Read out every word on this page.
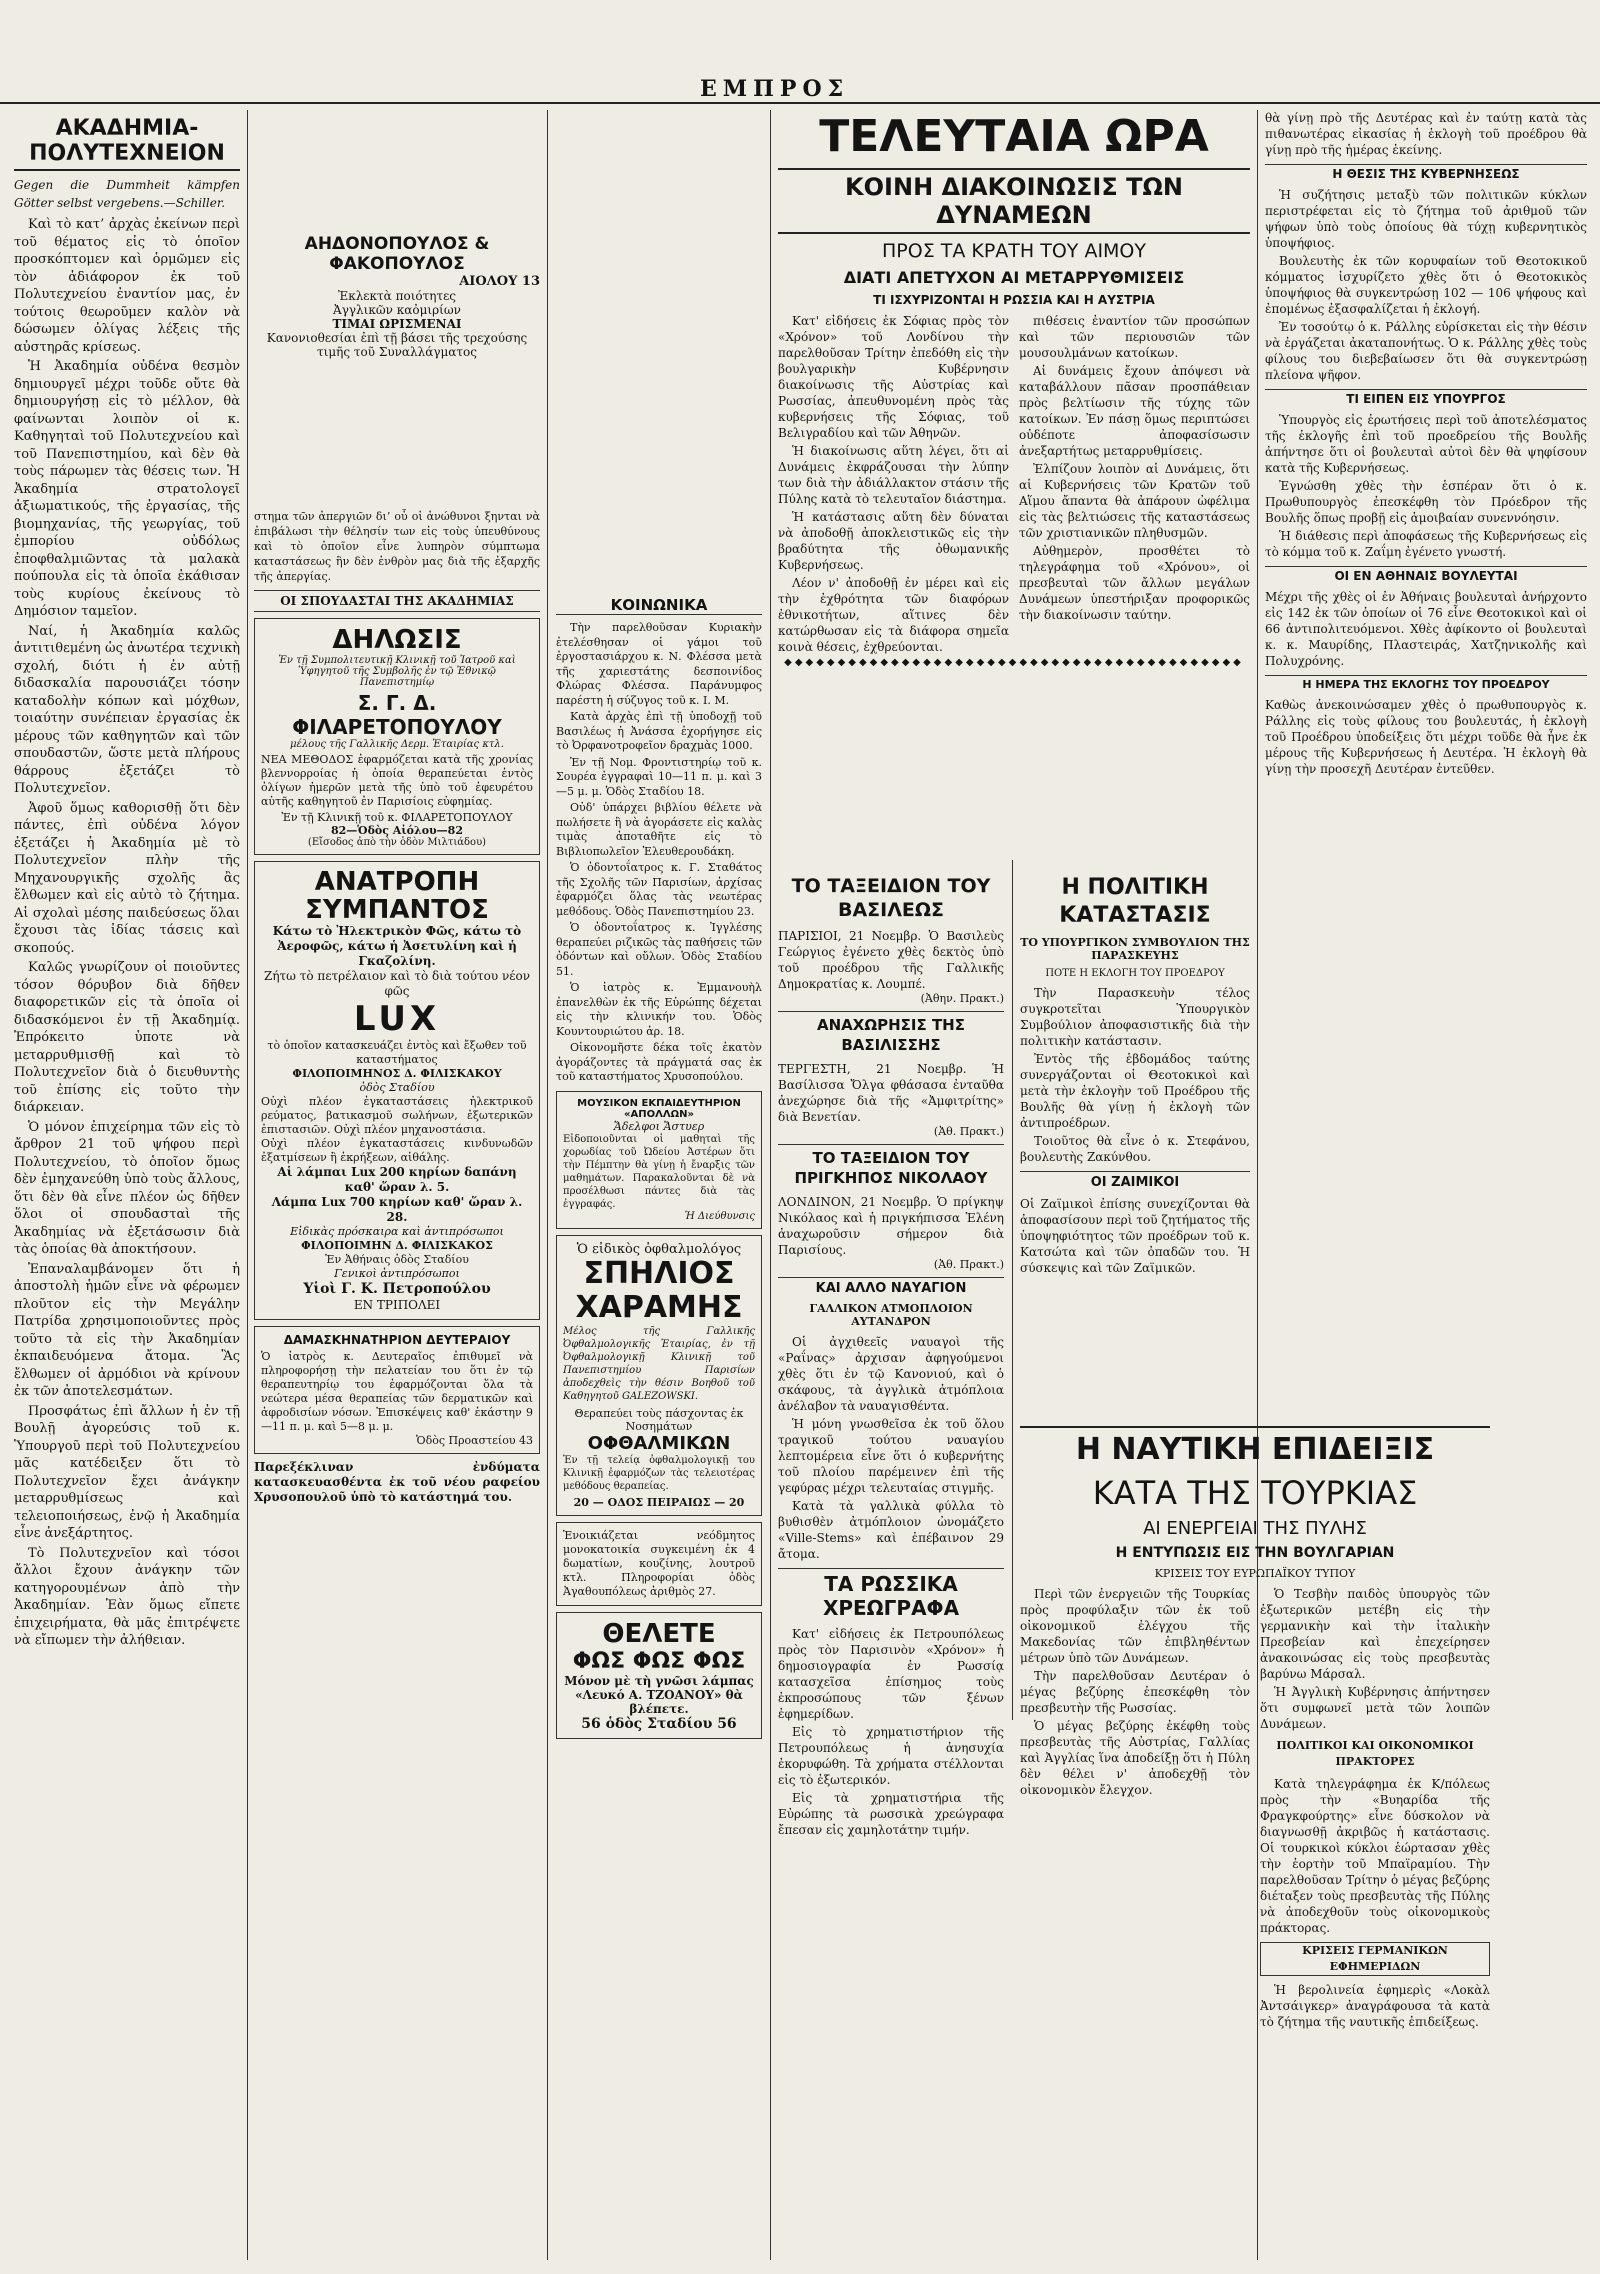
ΕΜΠΡΟΣ
ΑΚΑΔΗΜΙΑ-ΠΟΛΥΤΕΧΝΕΙΟΝ
Gegen die Dummheit kämpfen Götter selbst vergebens.—Schiller.

Καὶ τὸ κατ’ ἀρχὰς ἐκείνων περὶ τοῦ θέματος εἰς τὸ ὁποῖον προσκόπτομεν καὶ ὁρμῶμεν εἰς τὸν ἀδιάφορον ἐκ τοῦ Πολυτεχνείου ἐναντίον μας, ἐν τούτοις θεωροῦμεν καλὸν νὰ δώσωμεν ὀλίγας λέξεις τῆς αὐστηρᾶς κρίσεως.

Ἡ Ἀκαδημία οὐδένα θεσμὸν δημιουργεῖ μέχρι τοῦδε οὔτε θὰ δημιουργήσῃ εἰς τὸ μέλλον, θὰ φαίνωνται λοιπὸν οἱ κ. Καθηγηταὶ τοῦ Πολυτεχνείου καὶ τοῦ Πανεπιστημίου, καὶ δὲν θὰ τοὺς πάρωμεν τὰς θέσεις των. Ἡ Ἀκαδημία στρατολογεῖ ἀξιωματικούς, τῆς ἐργασίας, τῆς βιομηχανίας, τῆς γεωργίας, τοῦ ἐμπορίου οὐδόλως ἐποφθαλμιῶντας τὰ μαλακὰ πούπουλα εἰς τὰ ὁποῖα ἐκάθισαν τοὺς κυρίους ἐκείνους τὸ Δημόσιον ταμεῖον.

Ναί, ἡ Ἀκαδημία καλῶς ἀντιτιθεμένη ὡς ἀνωτέρα τεχνικὴ σχολή, διότι ἡ ἐν αὐτῇ διδασκαλία παρουσιάζει τόσην καταδολὴν κόπων καὶ μόχθων, τοιαύτην συνέπειαν ἐργασίας ἐκ μέρους τῶν καθηγητῶν καὶ τῶν σπουδαστῶν, ὥστε μετὰ πλήρους θάρρους ἐξετάζει τὸ Πολυτεχνεῖον.

Ἀφοῦ ὅμως καθορισθῇ ὅτι δὲν πάντες, ἐπὶ οὐδένα λόγον ἐξετάζει ἡ Ἀκαδημία μὲ τὸ Πολυτεχνεῖον πλὴν τῆς Μηχανουργικῆς σχολῆς ἂς ἔλθωμεν καὶ εἰς αὐτὸ τὸ ζήτημα. Αἱ σχολαὶ μέσης παιδεύσεως ὅλαι ἔχουσι τὰς ἰδίας τάσεις καὶ σκοπούς.

Καλῶς γνωρίζουν οἱ ποιοῦντες τόσον θόρυβον διὰ δῆθεν διαφορετικῶν εἰς τὰ ὁποῖα οἱ διδασκόμενοι ἐν τῇ Ἀκαδημίᾳ. Ἐπρόκειτο ὑποτε νὰ μεταρρυθμισθῇ καὶ τὸ Πολυτεχνεῖον διὰ ὁ διευθυντὴς τοῦ ἐπίσης εἰς τοῦτο τὴν διάρκειαν.

Ὁ μόνον ἐπιχείρημα τῶν εἰς τὸ ἄρθρον 21 τοῦ ψήφου περὶ Πολυτεχνείου, τὸ ὁποῖον ὅμως δὲν ἐμηχανεύθη ὑπὸ τοὺς ἄλλους, ὅτι δὲν θὰ εἶνε πλέον ὡς δῆθεν ὅλοι οἱ σπουδασταὶ τῆς Ἀκαδημίας νὰ ἐξετάσωσιν διὰ τὰς ὁποίας θὰ ἀποκτήσουν.

Ἐπαναλαμβάνομεν ὅτι ἡ ἀποστολὴ ἡμῶν εἶνε νὰ φέρωμεν πλοῦτον εἰς τὴν Μεγάλην Πατρίδα χρησιμοποιοῦντες πρὸς τοῦτο τὰ εἰς τὴν Ἀκαδημίαν ἐκπαιδευόμενα ἄτομα. Ἂς ἔλθωμεν οἱ ἀρμόδιοι νὰ κρίνουν ἐκ τῶν ἀποτελεσμάτων.

Προσφάτως ἐπὶ ἄλλων ἡ ἐν τῇ Βουλῇ ἀγορεύσις τοῦ κ. Ὑπουργοῦ περὶ τοῦ Πολυτεχνείου μᾶς κατέδειξεν ὅτι τὸ Πολυτεχνεῖον ἔχει ἀνάγκην μεταρρυθμίσεως καὶ τελειοποιήσεως, ἐνῷ ἡ Ἀκαδημία εἶνε ἀνεξάρτητος.

Τὸ Πολυτεχνεῖον καὶ τόσοι ἄλλοι ἔχουν ἀνάγκην τῶν κατηγορουμένων ἀπὸ τὴν Ἀκαδημίαν. Ἐὰν ὅμως εἴπετε ἐπιχειρήματα, θὰ μᾶς ἐπιτρέψετε νὰ εἴπωμεν τὴν ἀλήθειαν.

ΑΗΔΟΝΟΠΟΥΛΟΣ & ΦΑΚΟΠΟΥΛΟΣ
ΑΙΟΛΟΥ 13
Ἐκλεκτὰ ποιότητες
Ἀγγλικῶν καὀμιρίων
ΤΙΜΑΙ ΩΡΙΣΜΕΝΑΙ
Κανονιοθεσίαι ἐπὶ τῇ βάσει τῆς τρεχούσης
τιμῆς τοῦ Συναλλάγματος
στημα τῶν ἀπεργιῶν δι’ οὗ οἱ ἀνώθυνοι ξηνται νὰ ἐπιβάλωσι τὴν θέλησίν των εἰς τοὺς ὑπευθύνους καὶ τὸ ὁποῖον εἶνε λυπηρὸν σύμπτωμα καταστάσεως ἣν δὲν ἐνθρὸν μας διὰ τῆς ἐξαρχῆς τῆς ἀπεργίας.
ΟΙ ΣΠΟΥΔΑΣΤΑΙ ΤΗΣ ΑΚΑΔΗΜΙΑΣ
ΔΗΛΩΣΙΣ
Ἐν τῇ Συμπολιτευτικῇ Κλινικῇ τοῦ Ἰατροῦ καὶ Ὑφηγητοῦ τῆς Συμβολῆς ἐν τῷ Ἐθνικῷ Πανεπιστημίῳ
Σ. Γ. Δ. ΦΙΛΑΡΕΤΟΠΟΥΛΟΥ
μέλους τῆς Γαλλικῆς Δερμ. Ἑταιρίας κτλ.
ΝΕΑ ΜΕΘΟΔΟΣ ἐφαρμόζεται κατὰ τῆς χρονίας βλεννορροίας ἡ ὁποία θεραπεύεται ἐντὸς ὀλίγων ἡμερῶν μετὰ τῆς ὑπὸ τοῦ ἐφευρέτου αὐτῆς καθηγητοῦ ἐν Παρισίοις εὐφημίας.
Ἐν τῇ Κλινικῇ τοῦ κ. ΦΙΛΑΡΕΤΟΠΟΥΛΟΥ
82—Ὁδὸς Αἰόλου—82
(Εἴσοδος ἀπὸ τὴν ὁδὸν Μιλτιάδου)
ΑΝΑΤΡΟΠΗ ΣΥΜΠΑΝΤΟΣ
Κάτω τὸ Ἠλεκτρικὸν Φῶς, κάτω τὸ Ἀεροφῶς, κάτω ἡ Ἀσετυλίνη καὶ ἡ Γκαζολίνη.
Ζήτω τὸ πετρέλαιον καὶ τὸ διὰ τούτου νέον φῶς
LUX
τὸ ὁποῖον κατασκευάζει ἐντὸς καὶ ἔξωθεν τοῦ καταστήματος
ΦΙΛΟΠΟΙΜΗΝΟΣ Δ. ΦΙΛΙΣΚΑΚΟΥ
ὁδὸς Σταδίου
Οὐχὶ πλέον ἐγκαταστάσεις ἠλεκτρικοῦ ρεύματος, βατικασμοῦ σωλήνων, ἐξωτερικῶν ἐπιστασιῶν. Οὐχὶ πλέον μηχανοστάσια.
Οὐχὶ πλέον ἐγκαταστάσεις κινδυνωδῶν ἐξατμίσεων ἢ ἐκρήξεων, αἰθάλης.
Αἱ λάμπαι Lux 200 κηρίων δαπάνη καθ' ὥραν λ. 5.
Λάμπα Lux 700 κηρίων καθ' ὥραν λ. 28.
Εἰδικὰς πρόσκαιρα καὶ ἀντιπρόσωποι
ΦΙΛΟΠΟΙΜΗΝ Δ. ΦΙΛΙΣΚΑΚΟΣ
Ἐν Ἀθήναις ὁδὸς Σταδίου
Γενικοὶ ἀντιπρόσωποι
Υἱοὶ Γ. Κ. Πετροπούλου
ΕΝ ΤΡΙΠΟΛΕΙ
ΔΑΜΑΣΚΗΝΑΤΗΡΙΟΝ ΔΕΥΤΕΡΑΙΟΥ
Ὁ ἰατρὸς κ. Δευτεραῖος ἐπιθυμεῖ νὰ πληροφορήσῃ τὴν πελατείαν του ὅτι ἐν τῷ θεραπευτηρίῳ του ἐφαρμόζονται ὅλα τὰ νεώτερα μέσα θεραπείας τῶν δερματικῶν καὶ ἀφροδισίων νόσων. Ἐπισκέψεις καθ' ἑκάστην 9—11 π. μ. καὶ 5—8 μ. μ.
Ὁδὸς Προαστείου 43
Παρεξέκλιναν ἐνδύματα κατασκευασθέντα ἐκ τοῦ νέου ραφείου Χρυσοπουλοῦ ὑπὸ τὸ κατάστημά του.
ΚΟΙΝΩΝΙΚΑ

Τὴν παρελθοῦσαν Κυριακὴν ἐτελέσθησαν οἱ γάμοι τοῦ ἐργοστασιάρχου κ. Ν. Φλέσσα μετὰ τῆς χαριεστάτης δεσποινίδος Φλώρας Φλέσσα. Παράνυμφος παρέστη ἡ σύζυγος τοῦ κ. Ι. Μ.

Κατὰ ἀρχὰς ἐπὶ τῇ ὑποδοχῇ τοῦ Βασιλέως ἡ Ἀνάσσα ἐχορήγησε εἰς τὸ Ὀρφανοτροφεῖον δραχμὰς 1000.

Ἐν τῇ Νομ. Φροντιστηρίῳ τοῦ κ. Σουρέα ἐγγραφαὶ 10—11 π. μ. καὶ 3—5 μ. μ. Ὁδὸς Σταδίου 18.

Οὐδ' ὑπάρχει βιβλίου θέλετε νὰ πωλήσετε ἢ νὰ ἀγοράσετε εἰς καλὰς τιμὰς ἀποταθῆτε εἰς τὸ Βιβλιοπωλεῖον Ἐλευθερουδάκη.

Ὁ ὀδοντοΐατρος κ. Γ. Σταθάτος τῆς Σχολῆς τῶν Παρισίων, ἀρχίσας ἐφαρμόζει ὅλας τὰς νεωτέρας μεθόδους. Ὁδὸς Πανεπιστημίου 23.

Ὁ ὀδοντοΐατρος κ. Ἰγγλέσης θεραπεύει ριζικῶς τὰς παθήσεις τῶν ὀδόντων καὶ οὔλων. Ὁδὸς Σταδίου 51.

Ὁ ἰατρὸς κ. Ἐμμανουὴλ ἐπανελθὼν ἐκ τῆς Εὐρώπης δέχεται εἰς τὴν κλινικήν του. Ὁδὸς Κουντουριώτου ἀρ. 18.

Οἰκονομῆστε δέκα τοῖς ἑκατὸν ἀγοράζοντες τὰ πράγματά σας ἐκ τοῦ καταστήματος Χρυσοπούλου.

ΜΟΥΣΙΚΟΝ ΕΚΠΑΙΔΕΥΤΗΡΙΟΝ «ΑΠΟΛΛΩΝ»
Ἄδελφοι Ἄστυερ
Εἰδοποιοῦνται οἱ μαθηταὶ τῆς χορωδίας τοῦ Ὠδείου Ἀστέρων ὅτι τὴν Πέμπτην θὰ γίνῃ ἡ ἔναρξις τῶν μαθημάτων. Παρακαλοῦνται δὲ νὰ προσέλθωσι πάντες διὰ τὰς ἐγγραφάς.
Ἡ Διεύθυνσις
Ὁ εἰδικὸς ὀφθαλμολόγος
ΣΠΗΛΙΟΣ
ΧΑΡΑΜΗΣ
Μέλος τῆς Γαλλικῆς Ὀφθαλμολογικῆς Ἑταιρίας, ἐν τῇ Ὀφθαλμολογικῇ Κλινικῇ τοῦ Πανεπιστημίου Παρισίων ἀποδεχθεὶς τὴν θέσιν Βοηθοῦ τοῦ Καθηγητοῦ GALEZOWSKI.
Θεραπεύει τοὺς πάσχοντας ἐκ Νοσημάτων
ΟΦΘΑΛΜΙΚΩΝ
Ἐν τῇ τελείᾳ ὀφθαλμολογικῇ του Κλινικῇ ἐφαρμόζων τὰς τελειοτέρας μεθόδους θεραπείας.
20 — ΟΔΟΣ ΠΕΙΡΑΙΩΣ — 20
Ἐνοικιάζεται νεόδμητος μονοκατοικία συγκειμένη ἐκ 4 δωματίων, κουζίνης, λουτροῦ κτλ. Πληροφορίαι ὁδὸς Ἀγαθουπόλεως ἀριθμὸς 27.
ΘΕΛΕΤΕ
ΦΩΣ ΦΩΣ ΦΩΣ
Μόνον μὲ τὴ γνῶσι λάμπας «Λευκό Α. ΤΖΟΑΝΟΥ» θὰ βλέπετε.
56 ὁδὸς Σταδίου 56
ΤΕΛΕΥΤΑΙΑ ΩΡΑ
ΚΟΙΝΗ ΔΙΑΚΟΙΝΩΣΙΣ ΤΩΝ ΔΥΝΑΜΕΩΝ
ΠΡΟΣ ΤΑ ΚΡΑΤΗ ΤΟΥ ΑΙΜΟΥ
ΔΙΑΤΙ ΑΠΕΤΥΧΟΝ ΑΙ ΜΕΤΑΡΡΥΘΜΙΣΕΙΣ
ΤΙ ΙΣΧΥΡΙΖΟΝΤΑΙ Η ΡΩΣΣΙΑ ΚΑΙ Η ΑΥΣΤΡΙΑ

Κατ' εἰδήσεις ἐκ Σόφιας πρὸς τὸν «Χρόνον» τοῦ Λονδίνου τὴν παρελθοῦσαν Τρίτην ἐπεδόθη εἰς τὴν βουλγαρικὴν Κυβέρνησιν διακοίνωσις τῆς Αὐστρίας καὶ Ρωσσίας, ἀπευθυνομένη πρὸς τὰς κυβερνήσεις τῆς Σόφιας, τοῦ Βελιγραδίου καὶ τῶν Ἀθηνῶν.

Ἡ διακοίνωσις αὕτη λέγει, ὅτι αἱ Δυνάμεις ἐκφράζουσαι τὴν λύπην των διὰ τὴν ἀδιάλλακτον στάσιν τῆς Πύλης κατὰ τὸ τελευταῖον διάστημα.

Ἡ κατάστασις αὕτη δὲν δύναται νὰ ἀποδοθῇ ἀποκλειστικῶς εἰς τὴν βραδύτητα τῆς ὀθωμανικῆς Κυβερνήσεως.

Λέον ν' ἀποδοθῇ ἐν μέρει καὶ εἰς τὴν ἐχθρότητα τῶν διαφόρων ἐθνικοτήτων, αἵτινες δὲν κατώρθωσαν εἰς τὰ διάφορα σημεῖα κοινὰ θέσεις, ἐχθρεύονται.

πιθέσεις ἐναντίον τῶν προσώπων καὶ τῶν περιουσιῶν τῶν μουσουλμάνων κατοίκων.

Αἱ δυνάμεις ἔχουν ἀπόψεσι νὰ καταβάλλουν πᾶσαν προσπάθειαν πρὸς βελτίωσιν τῆς τύχης τῶν κατοίκων. Ἐν πάσῃ ὅμως περιπτώσει οὐδέποτε ἀποφασίσωσιν ἀνεξαρτήτως μεταρρυθμίσεις.

Ἐλπίζουν λοιπὸν αἱ Δυνάμεις, ὅτι αἱ Κυβερνήσεις τῶν Κρατῶν τοῦ Αἵμου ἄπαντα θὰ ἀπάρουν ὠφέλιμα εἰς τὰς βελτιώσεις τῆς καταστάσεως τῶν χριστιανικῶν πληθυσμῶν.

Αὐθημερὸν, προσθέτει τὸ τηλεγράφημα τοῦ «Χρόνου», οἱ πρεσβευταὶ τῶν ἄλλων μεγάλων Δυνάμεων ὑπεστήριξαν προφορικῶς τὴν διακοίνωσιν ταύτην.

◆◆◆◆◆◆◆◆◆◆◆◆◆◆◆◆◆◆◆◆◆◆◆◆◆◆◆◆◆◆◆◆◆◆◆◆◆◆◆◆◆◆◆
ΤΟ ΤΑΞΕΙΔΙΟΝ ΤΟΥ ΒΑΣΙΛΕΩΣ
ΠΑΡΙΣΙΟΙ, 21 Νοεμβρ. Ὁ Βασιλεὺς Γεώργιος ἐγένετο χθὲς δεκτὸς ὑπὸ τοῦ προέδρου τῆς Γαλλικῆς Δημοκρατίας κ. Λουμπέ.
(Ἀθην. Πρακτ.)
ΑΝΑΧΩΡΗΣΙΣ ΤΗΣ ΒΑΣΙΛΙΣΣΗΣ
ΤΕΡΓΕΣΤΗ, 21 Νοεμβρ. Ἡ Βασίλισσα Ὄλγα φθάσασα ἐνταῦθα ἀνεχώρησε διὰ τῆς «Ἀμφιτρίτης» διὰ Βενετίαν.
(Ἀθ. Πρακτ.)
ΤΟ ΤΑΞΕΙΔΙΟΝ ΤΟΥ ΠΡΙΓΚΗΠΟΣ ΝΙΚΟΛΑΟΥ
ΛΟΝΔΙΝΟΝ, 21 Νοεμβρ. Ὁ πρίγκηψ Νικόλαος καὶ ἡ πριγκήπισσα Ἑλένη ἀναχωροῦσιν σήμερον διὰ Παρισίους.
(Ἀθ. Πρακτ.)
ΚΑΙ ΑΛΛΟ ΝΑΥΑΓΙΟΝ
ΓΑΛΛΙΚΟΝ ΑΤΜΟΠΛΟΙΟΝ ΑΥΤΑΝΔΡΟΝ

Οἱ ἀγχιθεεῖς ναυαγοὶ τῆς «Ραΐνας» ἀρχισαν ἀφηγούμενοι χθὲς ὅτι ἐν τῷ Κανονιού, καὶ ὁ σκάφους, τὰ ἀγγλικὰ ἀτμόπλοια ἀνέλαβον τὰ ναυαγισθέντα.

Ἡ μόνη γνωσθεῖσα ἐκ τοῦ ὅλου τραγικοῦ τούτου ναυαγίου λεπτομέρεια εἶνε ὅτι ὁ κυβερνήτης τοῦ πλοίου παρέμεινεν ἐπὶ τῆς γεφύρας μέχρι τελευταίας στιγμῆς.

Κατὰ τὰ γαλλικὰ φύλλα τὸ βυθισθὲν ἀτμόπλοιον ὠνομάζετο «Ville-Stems» καὶ ἐπέβαινον 29 ἄτομα.

ΤΑ ΡΩΣΣΙΚΑ ΧΡΕΩΓΡΑΦΑ

Κατ' εἰδήσεις ἐκ Πετρουπόλεως πρὸς τὸν Παρισινὸν «Χρόνον» ἡ δημοσιογραφία ἐν Ρωσσίᾳ κατασχεῖσα ἐπίσημος τοὺς ἐκπροσώπους τῶν ξένων ἐφημερίδων.

Εἰς τὸ χρηματιστήριον τῆς Πετρουπόλεως ἡ ἀνησυχία ἐκορυφώθη. Τὰ χρήματα στέλλονται εἰς τὸ ἐξωτερικόν.

Εἰς τὰ χρηματιστήρια τῆς Εὐρώπης τὰ ρωσσικὰ χρεώγραφα ἔπεσαν εἰς χαμηλοτάτην τιμήν.

Η ΠΟΛΙΤΙΚΗ ΚΑΤΑΣΤΑΣΙΣ
ΤΟ ΥΠΟΥΡΓΙΚΟΝ ΣΥΜΒΟΥΛΙΟΝ ΤΗΣ ΠΑΡΑΣΚΕΥΗΣ
ΠΟΤΕ Η ΕΚΛΟΓΗ ΤΟΥ ΠΡΟΕΔΡΟΥ

Τὴν Παρασκευὴν τέλος συγκροτεῖται Ὑπουργικὸν Συμβούλιον ἀποφασιστικῆς διὰ τὴν πολιτικὴν κατάστασιν.

Ἐντὸς τῆς ἑβδομάδος ταύτης συνεργάζονται οἱ Θεοτοκικοὶ καὶ μετὰ τὴν ἐκλογὴν τοῦ Προέδρου τῆς Βουλῆς θὰ γίνῃ ἡ ἐκλογὴ τῶν ἀντιπροέδρων.

Τοιοῦτος θὰ εἶνε ὁ κ. Στεφάνου, βουλευτὴς Ζακύνθου.

ΟΙ ΖΑΙΜΙΚΟΙ
Οἱ Ζαϊμικοὶ ἐπίσης συνεχίζονται θὰ ἀποφασίσουν περὶ τοῦ ζητήματος τῆς ὑποψηφιότητος τῶν προέδρων τοῦ κ. Κατσώτα καὶ τῶν ὀπαδῶν του. Ἡ σύσκεψις καὶ τῶν Ζαϊμικῶν.
Η ΝΑΥΤΙΚΗ ΕΠΙΔΕΙΞΙΣ
ΚΑΤΑ ΤΗΣ ΤΟΥΡΚΙΑΣ
ΑΙ ΕΝΕΡΓΕΙΑΙ ΤΗΣ ΠΥΛΗΣ
Η ΕΝΤΥΠΩΣΙΣ ΕΙΣ ΤΗΝ ΒΟΥΛΓΑΡΙΑΝ
ΚΡΙΣΕΙΣ ΤΟΥ ΕΥΡΩΠΑΪΚΟΥ ΤΥΠΟΥ

Περὶ τῶν ἐνεργειῶν τῆς Τουρκίας πρὸς προφύλαξιν τῶν ἐκ τοῦ οἰκονομικοῦ ἐλέγχου τῆς Μακεδονίας τῶν ἐπιβληθέντων μέτρων ὑπὸ τῶν Δυνάμεων.

Τὴν παρελθοῦσαν Δευτέραν ὁ μέγας βεζύρης ἐπεσκέφθη τὸν πρεσβευτὴν τῆς Ρωσσίας.

Ὁ μέγας βεζύρης ἐκέφθη τοὺς πρεσβευτὰς τῆς Αὐστρίας, Γαλλίας καὶ Ἀγγλίας ἵνα ἀποδείξῃ ὅτι ἡ Πύλη δὲν θέλει ν' ἀποδεχθῇ τὸν οἰκονομικὸν ἔλεγχον.

Ὁ Τεσβὴν παιδὸς ὑπουργὸς τῶν ἐξωτερικῶν μετέβη εἰς τὴν γερμανικὴν καὶ τὴν ἰταλικὴν Πρεσβείαν καὶ ἐπεχείρησεν ἀνακοινώσας εἰς τοὺς πρεσβευτὰς βαρύνω Μάρσαλ.

Ἡ Ἀγγλικὴ Κυβέρνησις ἀπήντησεν ὅτι συμφωνεῖ μετὰ τῶν λοιπῶν Δυνάμεων.

ΠΟΛΙΤΙΚΟΙ ΚΑΙ ΟΙΚΟΝΟΜΙΚΟΙ ΠΡΑΚΤΟΡΕΣ

Κατὰ τηλεγράφημα ἐκ Κ/πόλεως πρὸς τὴν «Βυηαρίδα τῆς Φραγκφούρτης» εἶνε δύσκολον νὰ διαγνωσθῇ ἀκριβῶς ἡ κατάστασις. Οἱ τουρκικοὶ κύκλοι ἑώρτασαν χθὲς τὴν ἑορτὴν τοῦ Μπαϊραμίου. Τὴν παρελθοῦσαν Τρίτην ὁ μέγας βεζύρης διέταξεν τοὺς πρεσβευτὰς τῆς Πύλης νὰ ἀποδεχθοῦν τοὺς οἰκονομικοὺς πράκτορας.

ΚΡΙΣΕΙΣ ΓΕΡΜΑΝΙΚΩΝ ΕΦΗΜΕΡΙΔΩΝ

Ἡ βερολινεία ἐφημερὶς «Λοκὰλ Ἀντσάιγκερ» ἀναγράφουσα τὰ κατὰ τὸ ζήτημα τῆς ναυτικῆς ἐπιδείξεως.

θὰ γίνῃ πρὸ τῆς Δευτέρας καὶ ἐν ταύτῃ κατὰ τὰς πιθανωτέρας εἰκασίας ἡ ἐκλογὴ τοῦ προέδρου θὰ γίνῃ πρὸ τῆς ἡμέρας ἐκείνης.
Η ΘΕΣΙΣ ΤΗΣ ΚΥΒΕΡΝΗΣΕΩΣ

Ἡ συζήτησις μεταξὺ τῶν πολιτικῶν κύκλων περιστρέφεται εἰς τὸ ζήτημα τοῦ ἀριθμοῦ τῶν ψήφων ὑπὸ τοὺς ὁποίους θὰ τύχῃ κυβερνητικὸς ὑποψήφιος.

Βουλευτὴς ἐκ τῶν κορυφαίων τοῦ Θεοτοκικοῦ κόμματος ἰσχυρίζετο χθὲς ὅτι ὁ Θεοτοκικὸς ὑποψήφιος θὰ συγκεντρώσῃ 102 — 106 ψήφους καὶ ἐπομένως ἐξασφαλίζεται ἡ ἐκλογή.

Ἐν τοσούτῳ ὁ κ. Ράλλης εὑρίσκεται εἰς τὴν θέσιν νὰ ἐργάζεται ἀκαταπονήτως. Ὁ κ. Ράλλης χθὲς τοὺς φίλους του διεβεβαίωσεν ὅτι θὰ συγκεντρώσῃ πλείονα ψῆφον.

ΤΙ ΕΙΠΕΝ ΕΙΣ ΥΠΟΥΡΓΟΣ

Ὑπουργὸς εἰς ἐρωτήσεις περὶ τοῦ ἀποτελέσματος τῆς ἐκλογῆς ἐπὶ τοῦ προεδρείου τῆς Βουλῆς ἀπήντησε ὅτι οἱ βουλευταὶ αὐτοὶ δὲν θὰ ψηφίσουν κατὰ τῆς Κυβερνήσεως.

Ἐγνώσθη χθὲς τὴν ἑσπέραν ὅτι ὁ κ. Πρωθυπουργὸς ἐπεσκέφθη τὸν Πρόεδρον τῆς Βουλῆς ὅπως προβῇ εἰς ἀμοιβαίαν συνεννόησιν.

Ἡ διάθεσις περὶ ἀποφάσεως τῆς Κυβερνήσεως εἰς τὸ κόμμα τοῦ κ. Ζαΐμη ἐγένετο γνωστή.

ΟΙ ΕΝ ΑΘΗΝΑΙΣ ΒΟΥΛΕΥΤΑΙ
Μέχρι τῆς χθὲς οἱ ἐν Ἀθήναις βουλευταὶ ἀνήρχοντο εἰς 142 ἐκ τῶν ὁποίων οἱ 76 εἶνε Θεοτοκικοὶ καὶ οἱ 66 ἀντιπολιτευόμενοι. Χθὲς ἀφίκοντο οἱ βουλευταὶ κ. κ. Μαυρίδης, Πλαστειράς, Χατζηνικολῆς καὶ Πολυχρόνης.
Η ΗΜΕΡΑ ΤΗΣ ΕΚΛΟΓΗΣ ΤΟΥ ΠΡΟΕΔΡΟΥ
Καθὼς ἀνεκοινώσαμεν χθὲς ὁ πρωθυπουργὸς κ. Ράλλης εἰς τοὺς φίλους του βουλευτάς, ἡ ἐκλογὴ τοῦ Προέδρου ὑποδείξεις ὅτι μέχρι τοῦδε θὰ ἦνε ἐκ μέρους τῆς Κυβερνήσεως ἡ Δευτέρα. Ἡ ἐκλογὴ θὰ γίνῃ τὴν προσεχῆ Δευτέραν ἐντεῦθεν.
